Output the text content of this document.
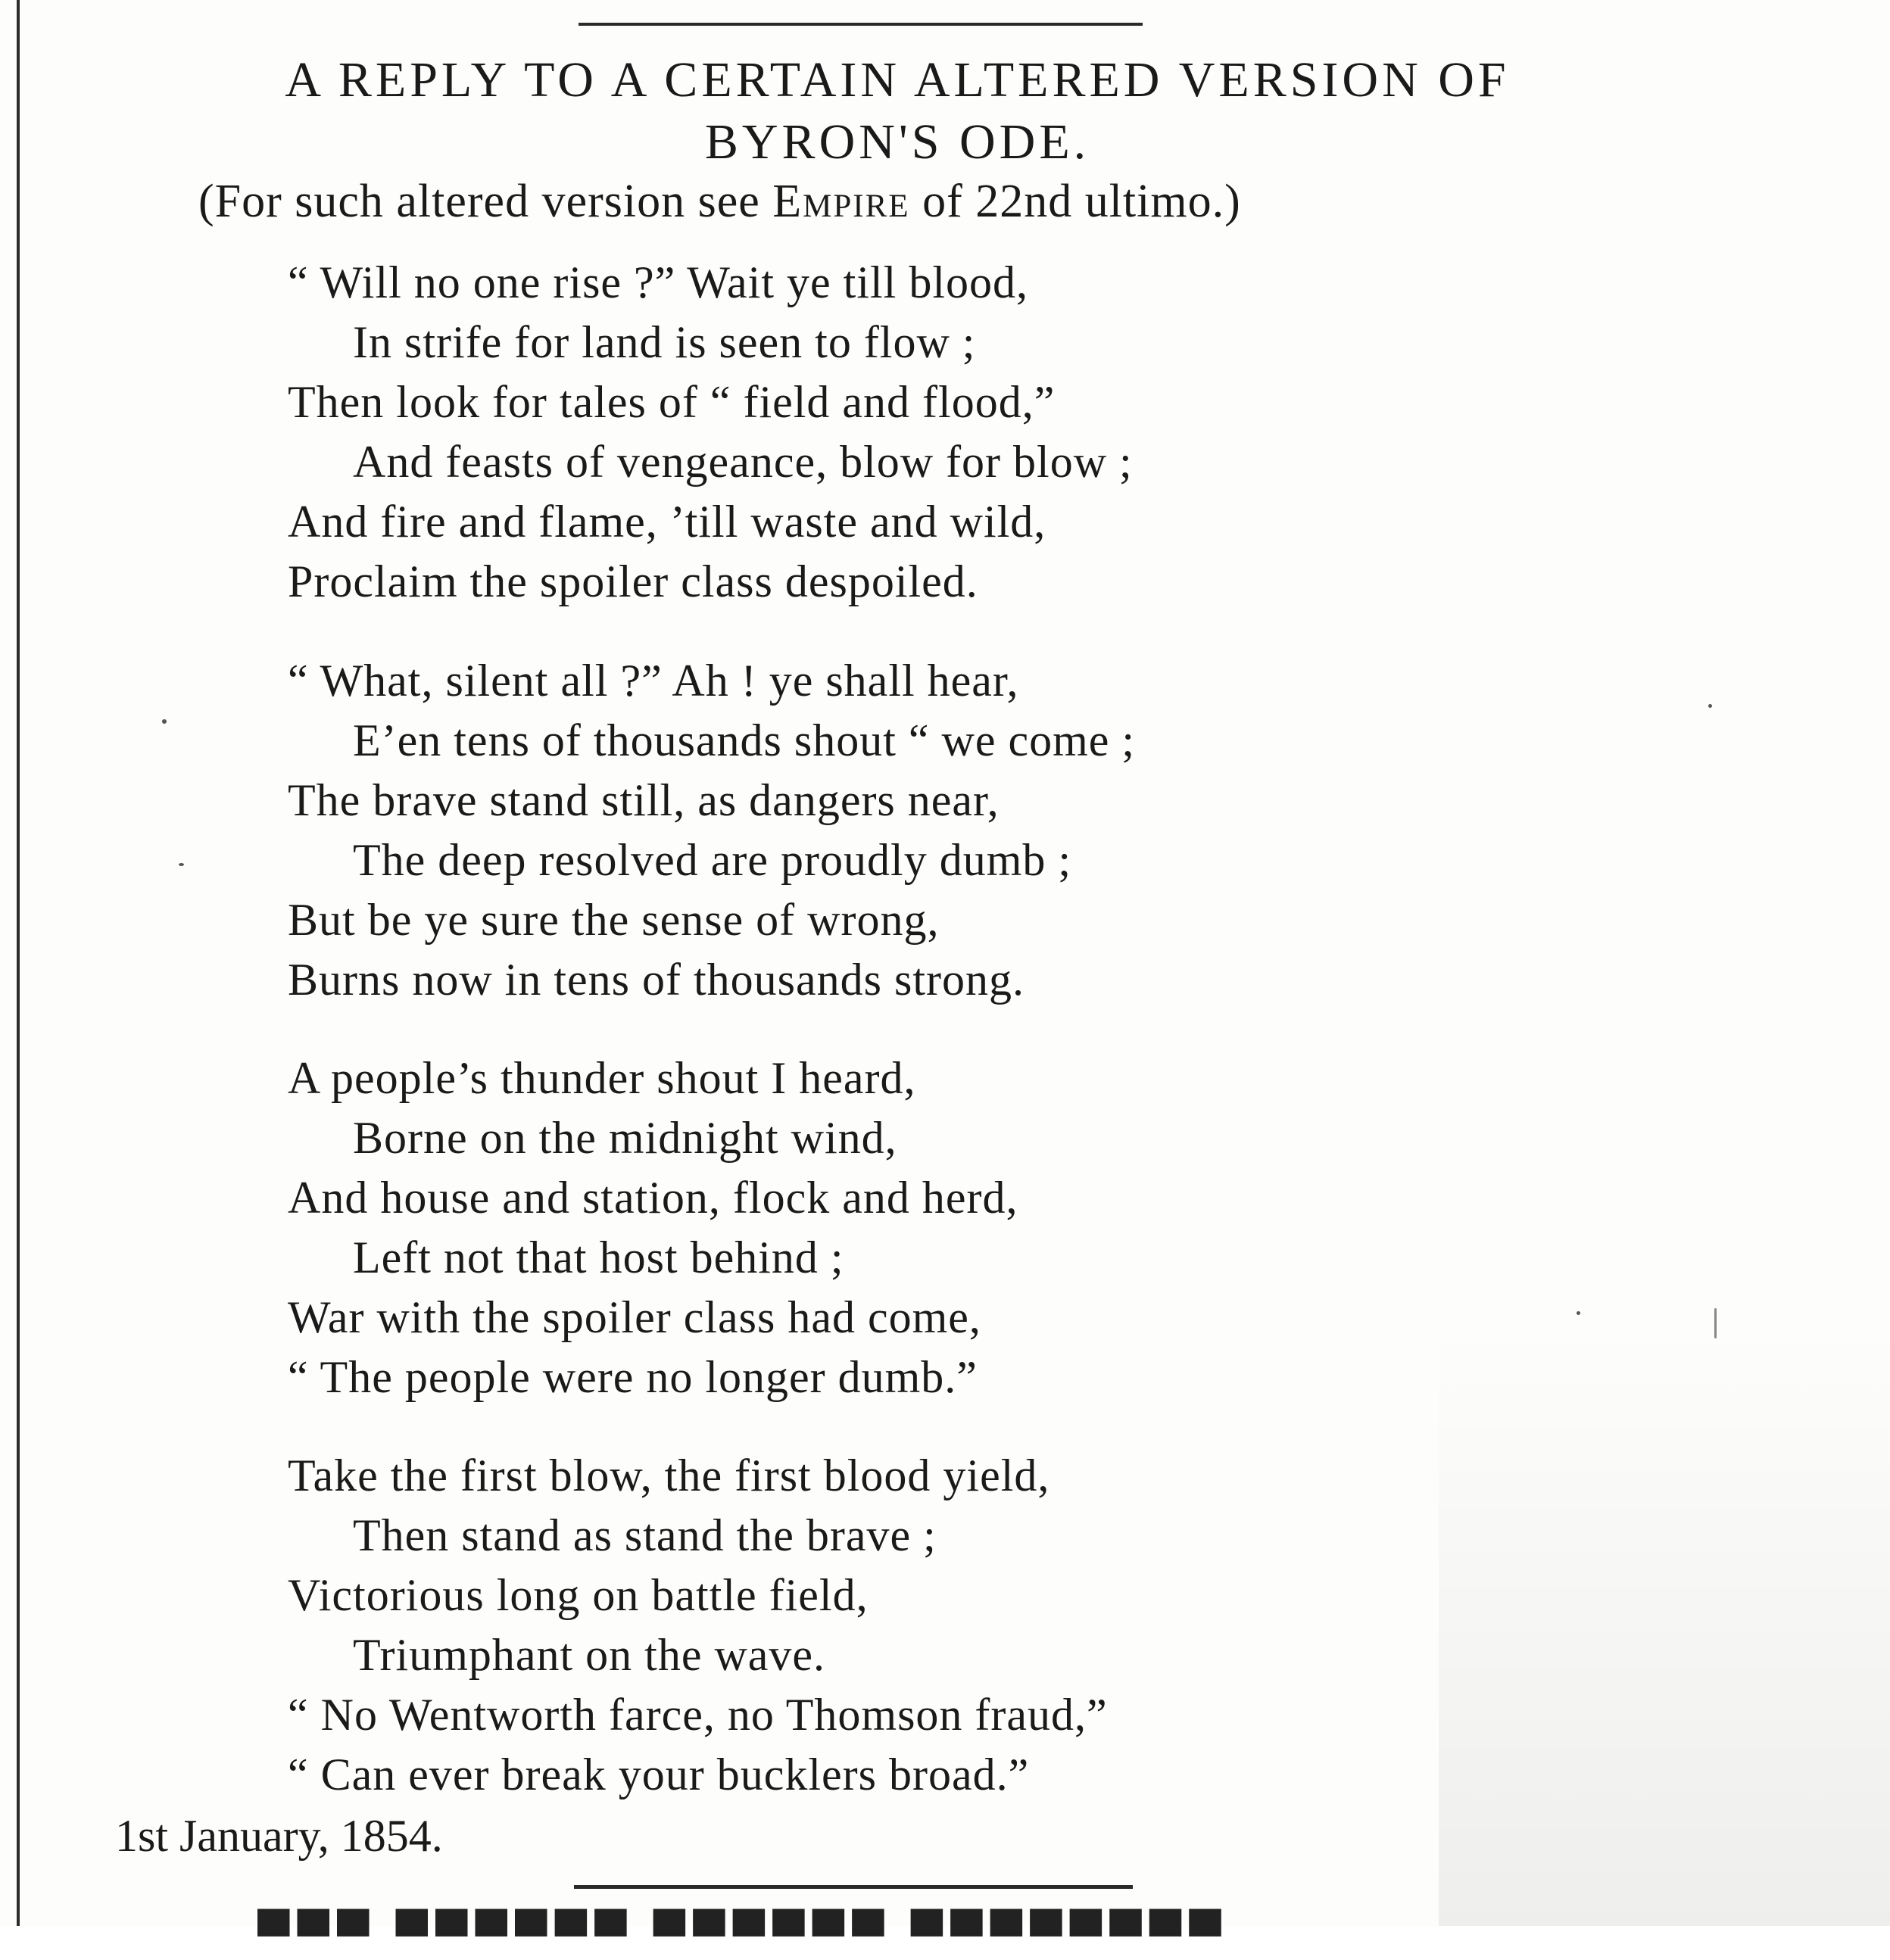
A REPLY TO A CERTAIN ALTERED VERSION OF
BYRON'S ODE.
(For such altered version see Empire of 22nd ultimo.)
“ Will no one rise ?” Wait ye till blood,
In strife for land is seen to flow ;
Then look for tales of “ field and flood,”
And feasts of vengeance, blow for blow ;
And fire and flame, ’till waste and wild,
Proclaim the spoiler class despoiled.
“ What, silent all ?” Ah ! ye shall hear,
E’en tens of thousands shout “ we come ;
The brave stand still, as dangers near,
The deep resolved are proudly dumb ;
But be ye sure the sense of wrong,
Burns now in tens of thousands strong.
A people’s thunder shout I heard,
Borne on the midnight wind,
And house and station, flock and herd,
Left not that host behind ;
War with the spoiler class had come,
“ The people were no longer dumb.”
Take the first blow, the first blood yield,
Then stand as stand the brave ;
Victorious long on battle field,
Triumphant on the wave.
“ No Wentworth farce, no Thomson fraud,”
“ Can ever break your bucklers broad.”
1st January, 1854.
▀▀▀ ▀▀▀▀▀▀ ▀▀▀▀▀▀ ▀▀▀▀▀▀▀▀
